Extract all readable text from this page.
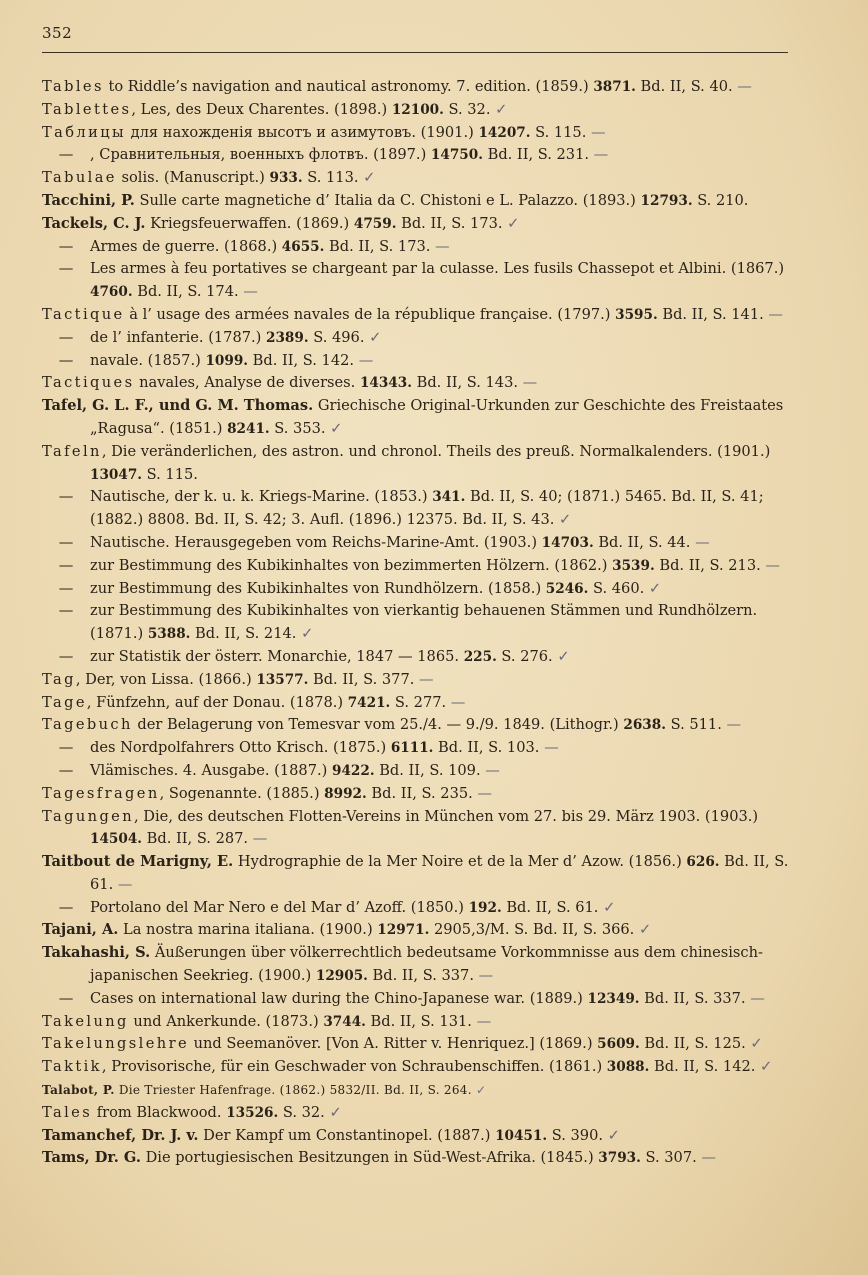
352
Tables to Riddle’s navigation and nautical astronomy. 7. edition. (1859.) 3871. Bd. II, S. 40. —
Tablettes, Les, des Deux Charentes. (1898.) 12100. S. 32. ✓
Таблицы для нахожденія высотъ и азимутовъ. (1901.) 14207. S. 115. —
— , Сравнительныя, военныхъ флотвъ. (1897.) 14750. Bd. II, S. 231. —
Tabulae solis. (Manuscript.) 933. S. 113. ✓
Tacchini, P. Sulle carte magnetiche d’ Italia da C. Chistoni e L. Palazzo. (1893.) 12793. S. 210.
Tackels, C. J. Kriegsfeuerwaffen. (1869.) 4759. Bd. II, S. 173. ✓
— Armes de guerre. (1868.) 4655. Bd. II, S. 173. —
— Les armes à feu portatives se chargeant par la culasse. Les fusils Chassepot et Albini. (1867.) 4760. Bd. II, S. 174. —
Tactique à l’ usage des armées navales de la république française. (1797.) 3595. Bd. II, S. 141. —
— de l’ infanterie. (1787.) 2389. S. 496. ✓
— navale. (1857.) 1099. Bd. II, S. 142. —
Tactiques navales, Analyse de diverses. 14343. Bd. II, S. 143. —
Tafel, G. L. F., und G. M. Thomas. Griechische Original-Urkunden zur Geschichte des Freistaates „Ragusa“. (1851.) 8241. S. 353. ✓
Tafeln, Die veränderlichen, des astron. und chronol. Theils des preuß. Normalkalenders. (1901.) 13047. S. 115.
— Nautische, der k. u. k. Kriegs-Marine. (1853.) 341. Bd. II, S. 40; (1871.) 5465. Bd. II, S. 41; (1882.) 8808. Bd. II, S. 42; 3. Aufl. (1896.) 12375. Bd. II, S. 43. ✓
— Nautische. Herausgegeben vom Reichs-Marine-Amt. (1903.) 14703. Bd. II, S. 44. —
— zur Bestimmung des Kubikinhaltes von bezimmerten Hölzern. (1862.) 3539. Bd. II, S. 213. —
— zur Bestimmung des Kubikinhaltes von Rundhölzern. (1858.) 5246. S. 460. ✓
— zur Bestimmung des Kubikinhaltes von vierkantig behauenen Stämmen und Rundhölzern. (1871.) 5388. Bd. II, S. 214. ✓
— zur Statistik der österr. Monarchie, 1847 — 1865. 225. S. 276. ✓
Tag, Der, von Lissa. (1866.) 13577. Bd. II, S. 377. —
Tage, Fünfzehn, auf der Donau. (1878.) 7421. S. 277. —
Tagebuch der Belagerung von Temesvar vom 25./4. — 9./9. 1849. (Lithogr.) 2638. S. 511. —
— des Nordpolfahrers Otto Krisch. (1875.) 6111. Bd. II, S. 103. —
— Vlämisches. 4. Ausgabe. (1887.) 9422. Bd. II, S. 109. —
Tagesfragen, Sogenannte. (1885.) 8992. Bd. II, S. 235. —
Tagungen, Die, des deutschen Flotten-Vereins in München vom 27. bis 29. März 1903. (1903.) 14504. Bd. II, S. 287. —
Taitbout de Marigny, E. Hydrographie de la Mer Noire et de la Mer d’ Azow. (1856.) 626. Bd. II, S. 61. —
— Portolano del Mar Nero e del Mar d’ Azoff. (1850.) 192. Bd. II, S. 61. ✓
Tajani, A. La nostra marina italiana. (1900.) 12971. 2905,3/M. S. Bd. II, S. 366. ✓
Takahashi, S. Äußerungen über völkerrechtlich bedeutsame Vorkommnisse aus dem chinesisch-japanischen Seekrieg. (1900.) 12905. Bd. II, S. 337. —
— Cases on international law during the Chino-Japanese war. (1889.) 12349. Bd. II, S. 337. —
Takelung und Ankerkunde. (1873.) 3744. Bd. II, S. 131. —
Takelungslehre und Seemanöver. [Von A. Ritter v. Henriquez.] (1869.) 5609. Bd. II, S. 125. ✓
Taktik, Provisorische, für ein Geschwader von Schraubenschiffen. (1861.) 3088. Bd. II, S. 142. ✓
Talabot, P. Die Triester Hafenfrage. (1862.) 5832/II. Bd. II, S. 264. ✓
Tales from Blackwood. 13526. S. 32. ✓
Tamanchef, Dr. J. v. Der Kampf um Constantinopel. (1887.) 10451. S. 390. ✓
Tams, Dr. G. Die portugiesischen Besitzungen in Süd-West-Afrika. (1845.) 3793. S. 307. —
